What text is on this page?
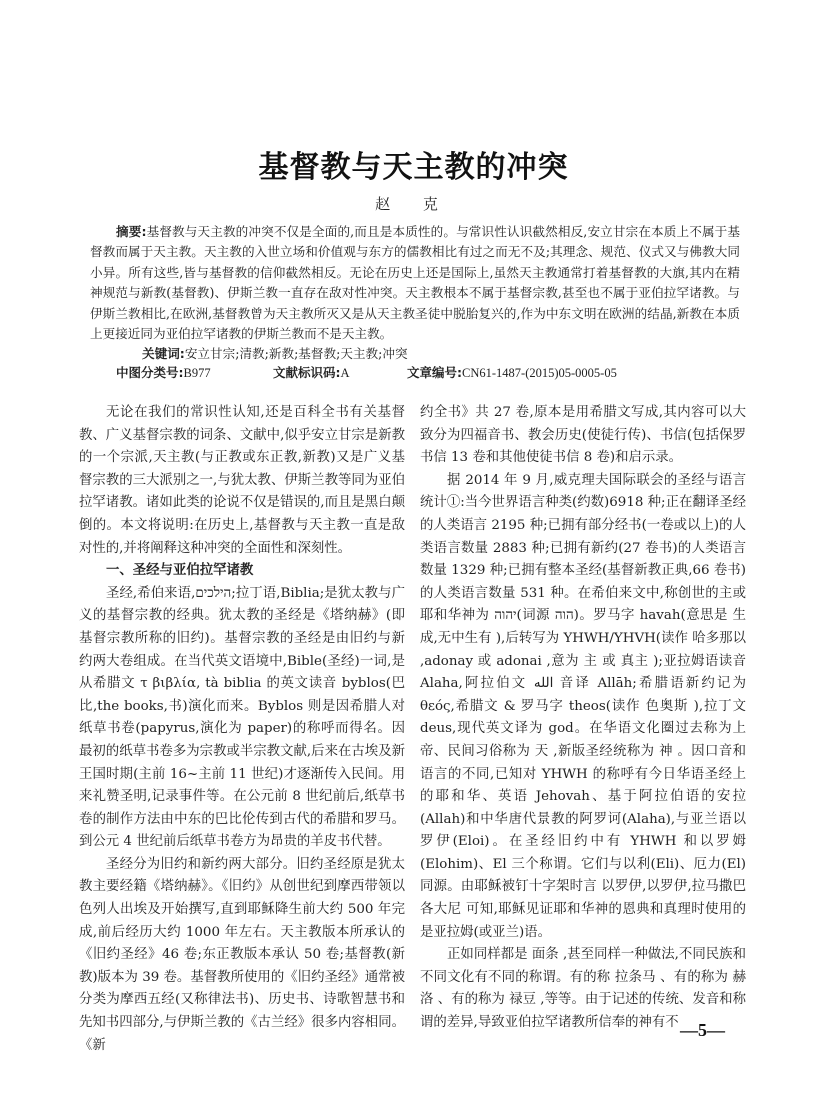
基督教与天主教的冲突
赵 克

摘要:基督教与天主教的冲突不仅是全面的,而且是本质性的。与常识性认识截然相反,安立甘宗在本质上不属于基督教而属于天主教。天主教的入世立场和价值观与东方的儒教相比有过之而无不及;其理念、规范、仪式又与佛教大同小异。所有这些,皆与基督教的信仰截然相反。无论在历史上还是国际上,虽然天主教通常打着基督教的大旗,其内在精神规范与新教(基督教)、伊斯兰教一直存在敌对性冲突。天主教根本不属于基督宗教,甚至也不属于亚伯拉罕诸教。与伊斯兰教相比,在欧洲,基督教曾为天主教所灭又是从天主教圣徒中脱胎复兴的,作为中东文明在欧洲的结晶,新教在本质上更接近同为亚伯拉罕诸教的伊斯兰教而不是天主教。

关键词:安立甘宗;清教;新教;基督教;天主教;冲突

中图分类号:B977	文献标识码:A	文章编号:CN61-1487-(2015)05-0005-05

无论在我们的常识性认知,还是百科全书有关基督教、广义基督宗教的词条、文献中,似乎安立甘宗是新教的一个宗派,天主教(与正教或东正教,新教)又是广义基督宗教的三大派别之一,与犹太教、伊斯兰教等同为亚伯拉罕诸教。诸如此类的论说不仅是错误的,而且是黑白颠倒的。本文将说明:在历史上,基督教与天主教一直是敌对性的,并将阐释这种冲突的全面性和深刻性。

一、圣经与亚伯拉罕诸教

圣经,希伯来语,הילכים;拉丁语,Biblia;是犹太教与广义的基督宗教的经典。犹太教的圣经是《塔纳赫》(即基督宗教所称的旧约)。基督宗教的圣经是由旧约与新约两大卷组成。在当代英文语境中,Bible(圣经)一词,是从希腊文 τ βιβλία, tà biblia 的英文读音 byblos(巴比,the books,书)演化而来。Byblos 则是因希腊人对纸草书卷(papyrus,演化为 paper)的称呼而得名。因最初的纸草书卷多为宗教或半宗教文献,后来在古埃及新王国时期(主前 16~主前 11 世纪)才逐渐传入民间。用来礼赞圣明,记录事件等。在公元前 8 世纪前后,纸草书卷的制作方法由中东的巴比伦传到古代的希腊和罗马。到公元 4 世纪前后纸草书卷方为昂贵的羊皮书代替。

圣经分为旧约和新约两大部分。旧约圣经原是犹太教主要经籍《塔纳赫》。《旧约》从创世纪到摩西带领以色列人出埃及开始撰写,直到耶稣降生前大约 500 年完成,前后经历大约 1000 年左右。天主教版本所承认的《旧约圣经》46 卷;东正教版本承认 50 卷;基督教(新教)版本为 39 卷。基督教所使用的《旧约圣经》通常被分类为摩西五经(又称律法书)、历史书、诗歌智慧书和先知书四部分,与伊斯兰教的《古兰经》很多内容相同。《新

约全书》共 27 卷,原本是用希腊文写成,其内容可以大致分为四福音书、教会历史(使徒行传)、书信(包括保罗书信 13 卷和其他使徒书信 8 卷)和启示录。

据 2014 年 9 月,威克理夫国际联会的圣经与语言统计①:当今世界语言种类(约数)6918 种;正在翻译圣经的人类语言 2195 种;已拥有部分经书(一卷或以上)的人类语言数量 2883 种;已拥有新约(27 卷书)的人类语言数量 1329 种;已拥有整本圣经(基督新教正典,66 卷书)的人类语言数量 531 种。在希伯来文中,称创世的主或耶和华神为 יהוה(词源 הוה)。罗马字 havah(意思是 生成,无中生有 ),后转写为 YHWH/YHVH(读作 哈多那以 ,adonay 或 adonai ,意为 主 或 真主 );亚拉姆语读音 Alaha,阿拉伯文 الله 音译 Allāh;希腊语新约记为 θεός,希腊文 & 罗马字 theos(读作 色奥斯 ),拉丁文 deus,现代英文译为 god。在华语文化圈过去称为上帝、民间习俗称为 天 ,新版圣经统称为 神 。因口音和语言的不同,已知对 YHWH 的称呼有今日华语圣经上的耶和华、英语 Jehovah、基于阿拉伯语的安拉(Allah)和中华唐代景教的阿罗诃(Alaha),与亚兰语以罗伊(Eloi)。在圣经旧约中有 YHWH 和以罗姆(Elohim)、El 三个称谓。它们与以利(Eli)、厄力(El)同源。由耶稣被钉十字架时言 以罗伊,以罗伊,拉马撒巴各大尼 可知,耶稣见证耶和华神的恩典和真理时使用的是亚拉姆(或亚兰)语。

正如同样都是 面条 ,甚至同样一种做法,不同民族和不同文化有不同的称谓。有的称 拉条马 、有的称为 赫洛 、有的称为 禄豆 ,等等。由于记述的传统、发音和称谓的差异,导致亚伯拉罕诸教所信奉的神有不 —5—
